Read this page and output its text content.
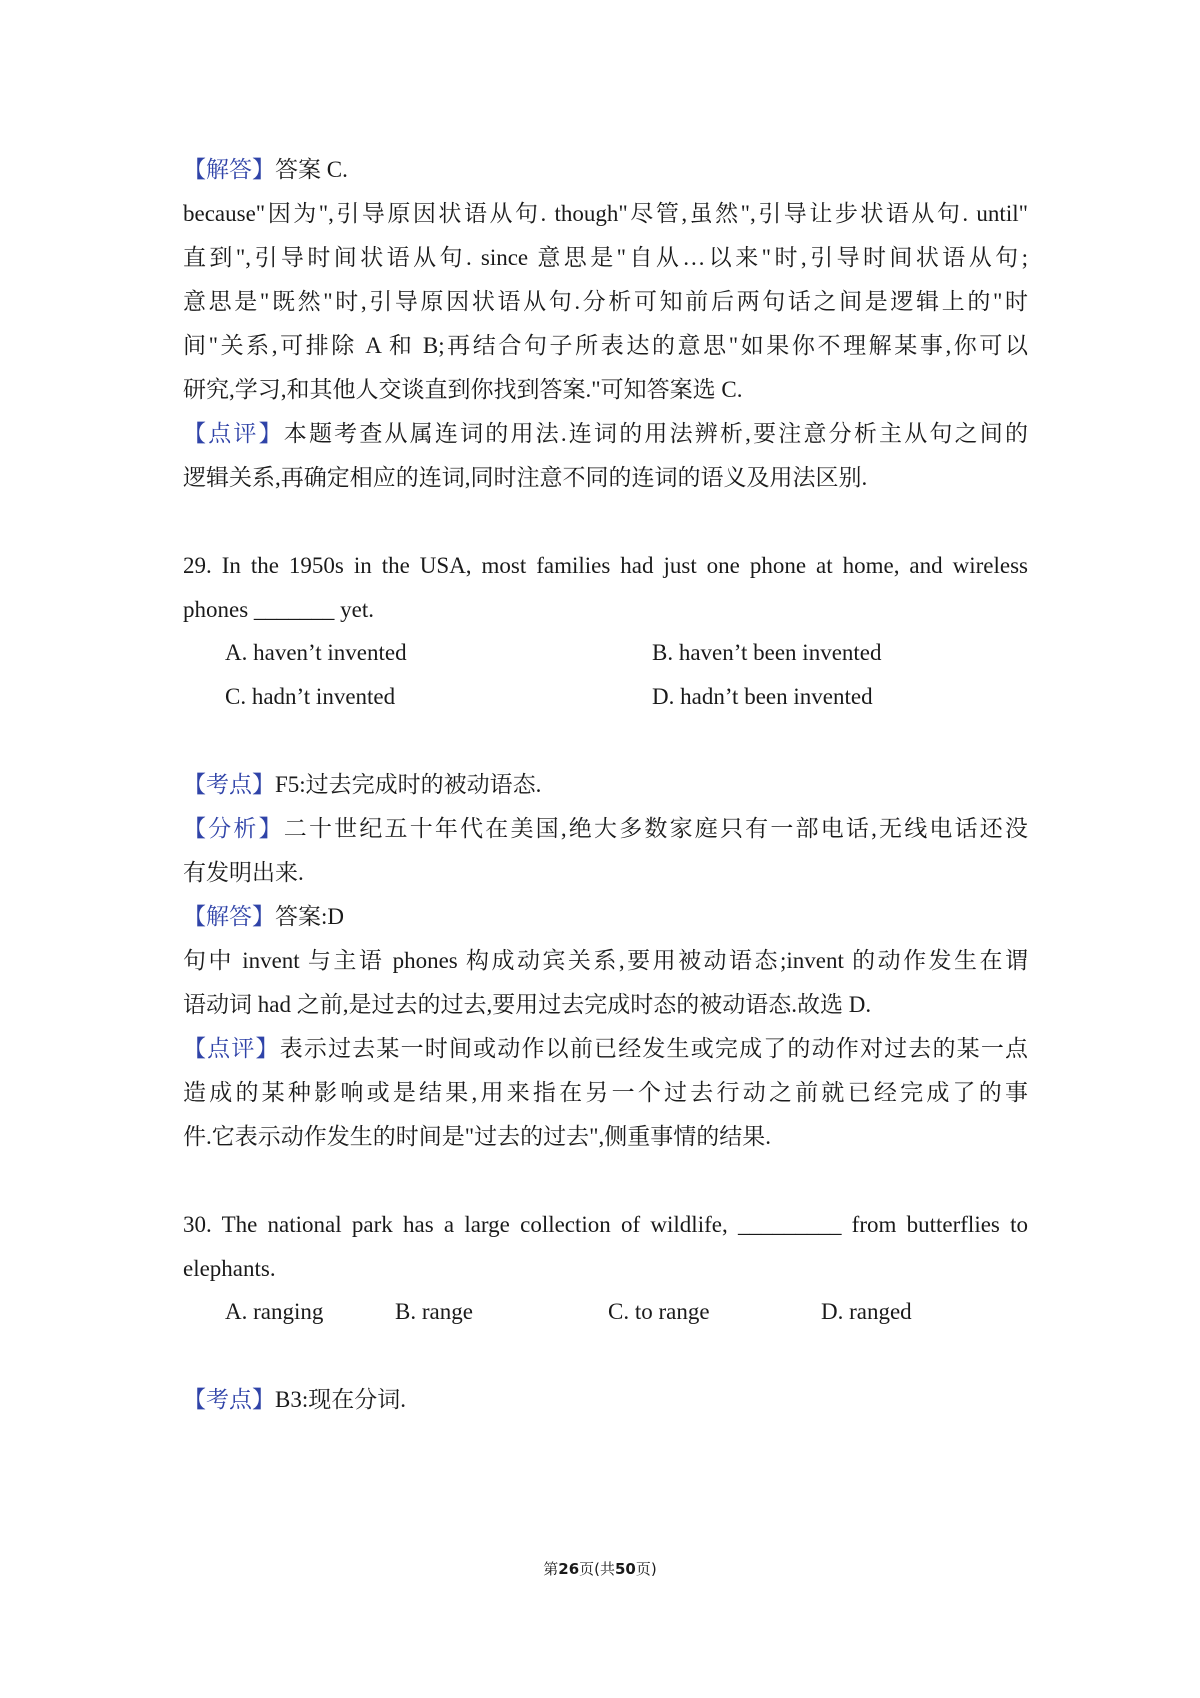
【解答】答案 C.
because"因为",引导原因状语从句. though"尽管,虽然",引导让步状语从句. until"
直到",引导时间状语从句. since 意思是"自从…以来"时,引导时间状语从句;
意思是"既然"时,引导原因状语从句.分析可知前后两句话之间是逻辑上的"时
间"关系,可排除 A 和 B;再结合句子所表达的意思"如果你不理解某事,你可以
研究,学习,和其他人交谈直到你找到答案."可知答案选 C.
【点评】本题考查从属连词的用法.连词的用法辨析,要注意分析主从句之间的
逻辑关系,再确定相应的连词,同时注意不同的连词的语义及用法区别.
29. In the 1950s in the USA, most families had just one phone at home, and wireless
phones _______ yet.
A. haven’t invented	B. haven’t been invented
C. hadn’t invented	D. hadn’t been invented
【考点】F5:过去完成时的被动语态.
【分析】二十世纪五十年代在美国,绝大多数家庭只有一部电话,无线电话还没
有发明出来.
【解答】答案:D
句中 invent 与主语 phones 构成动宾关系,要用被动语态;invent 的动作发生在谓
语动词 had 之前,是过去的过去,要用过去完成时态的被动语态.故选 D.
【点评】表示过去某一时间或动作以前已经发生或完成了的动作对过去的某一点
造成的某种影响或是结果,用来指在另一个过去行动之前就已经完成了的事
件.它表示动作发生的时间是"过去的过去",侧重事情的结果.
30. The national park has a large collection of wildlife, _________ from butterflies to
elephants.
A. ranging	B. range	C. to range	D. ranged
【考点】B3:现在分词.
第26页(共50页)
